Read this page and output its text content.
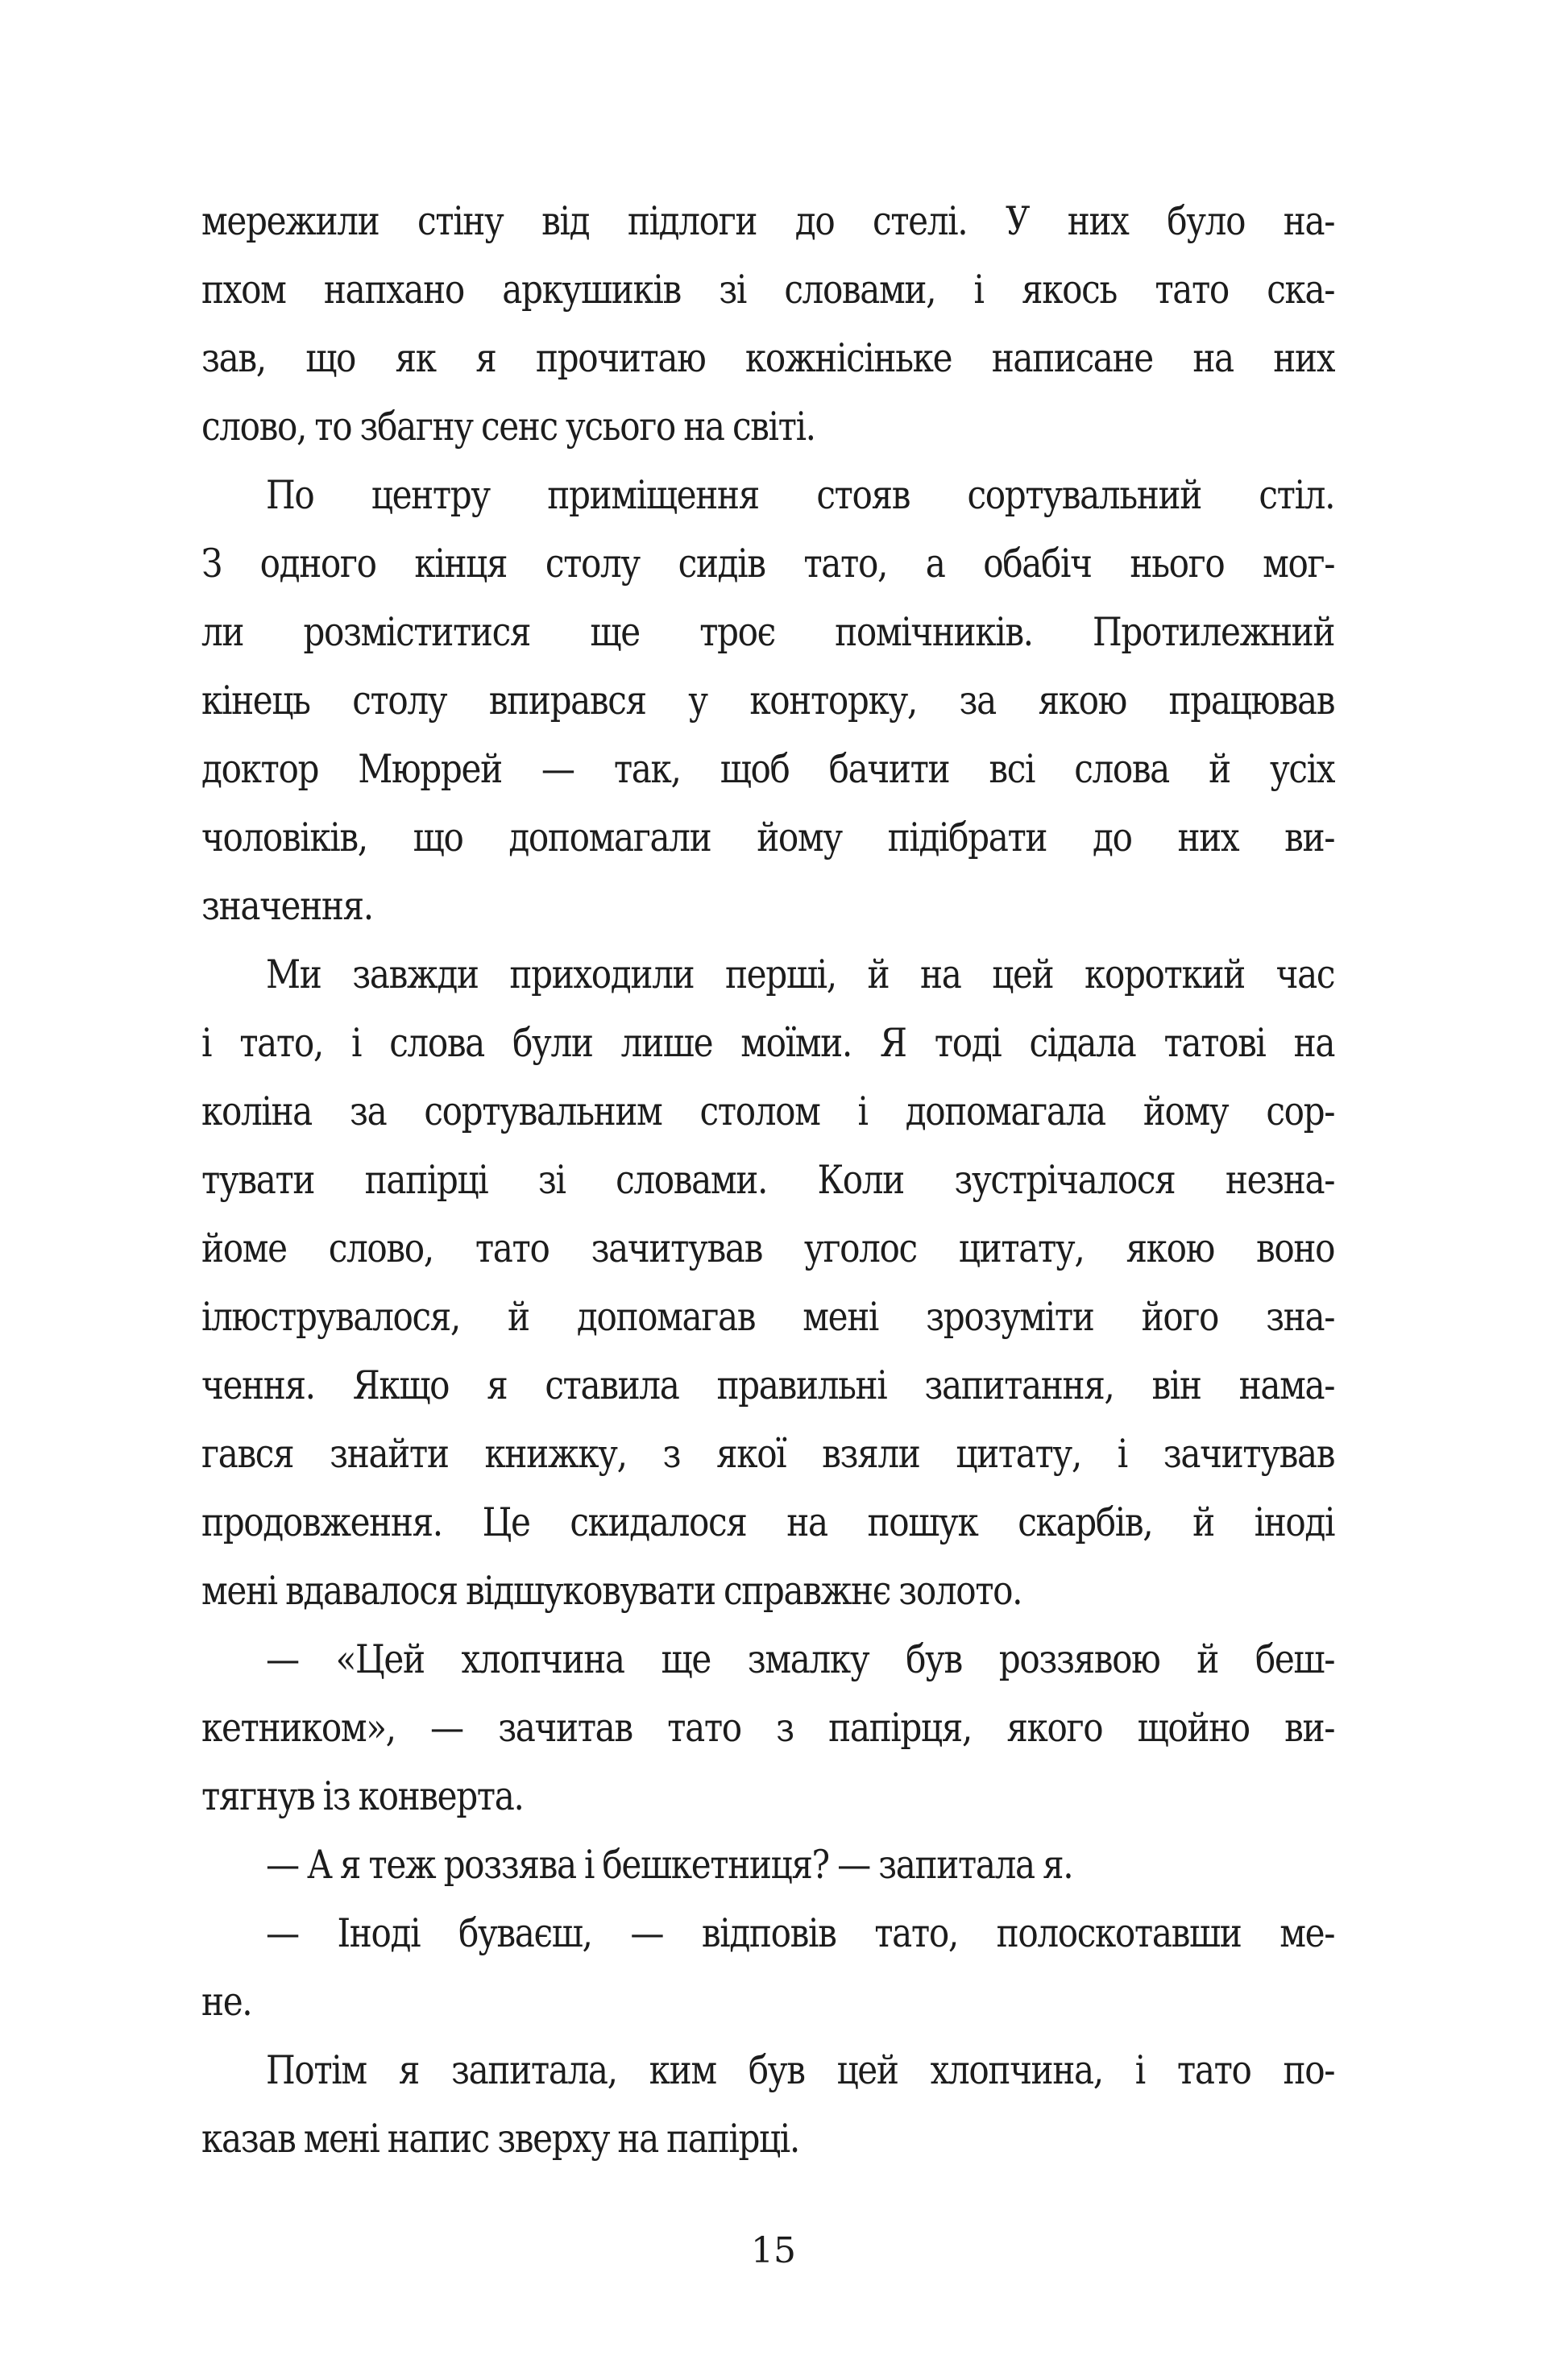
мережили стіну від підлоги до стелі. У них було на-
пхом напхано аркушиків зі словами, і якось тато ска-
зав, що як я прочитаю кожнісіньке написане на них
слово, то збагну сенс усього на світі.
По центру приміщення стояв сортувальний стіл.
З одного кінця столу сидів тато, а обабіч нього мог-
ли розміститися ще троє помічників. Протилежний
кінець столу впирався у конторку, за якою працював
доктор Мюррей — так, щоб бачити всі слова й усіх
чоловіків, що допомагали йому підібрати до них ви-
значення.
Ми завжди приходили перші, й на цей короткий час
і тато, і слова були лише моїми. Я тоді сідала татові на
коліна за сортувальним столом і допомагала йому сор-
тувати папірці зі словами. Коли зустрічалося незна-
йоме слово, тато зачитував уголос цитату, якою воно
ілюструвалося, й допомагав мені зрозуміти його зна-
чення. Якщо я ставила правильні запитання, він нама-
гався знайти книжку, з якої взяли цитату, і зачитував
продовження. Це скидалося на пошук скарбів, й іноді
мені вдавалося відшуковувати справжнє золото.
— «Цей хлопчина ще змалку був роззявою й беш-
кетником», — зачитав тато з папірця, якого щойно ви-
тягнув із конверта.
— А я теж роззява і бешкетниця? — запитала я.
— Іноді буваєш, — відповів тато, полоскотавши ме-
не.
Потім я запитала, ким був цей хлопчина, і тато по-
казав мені напис зверху на папірці.
15
